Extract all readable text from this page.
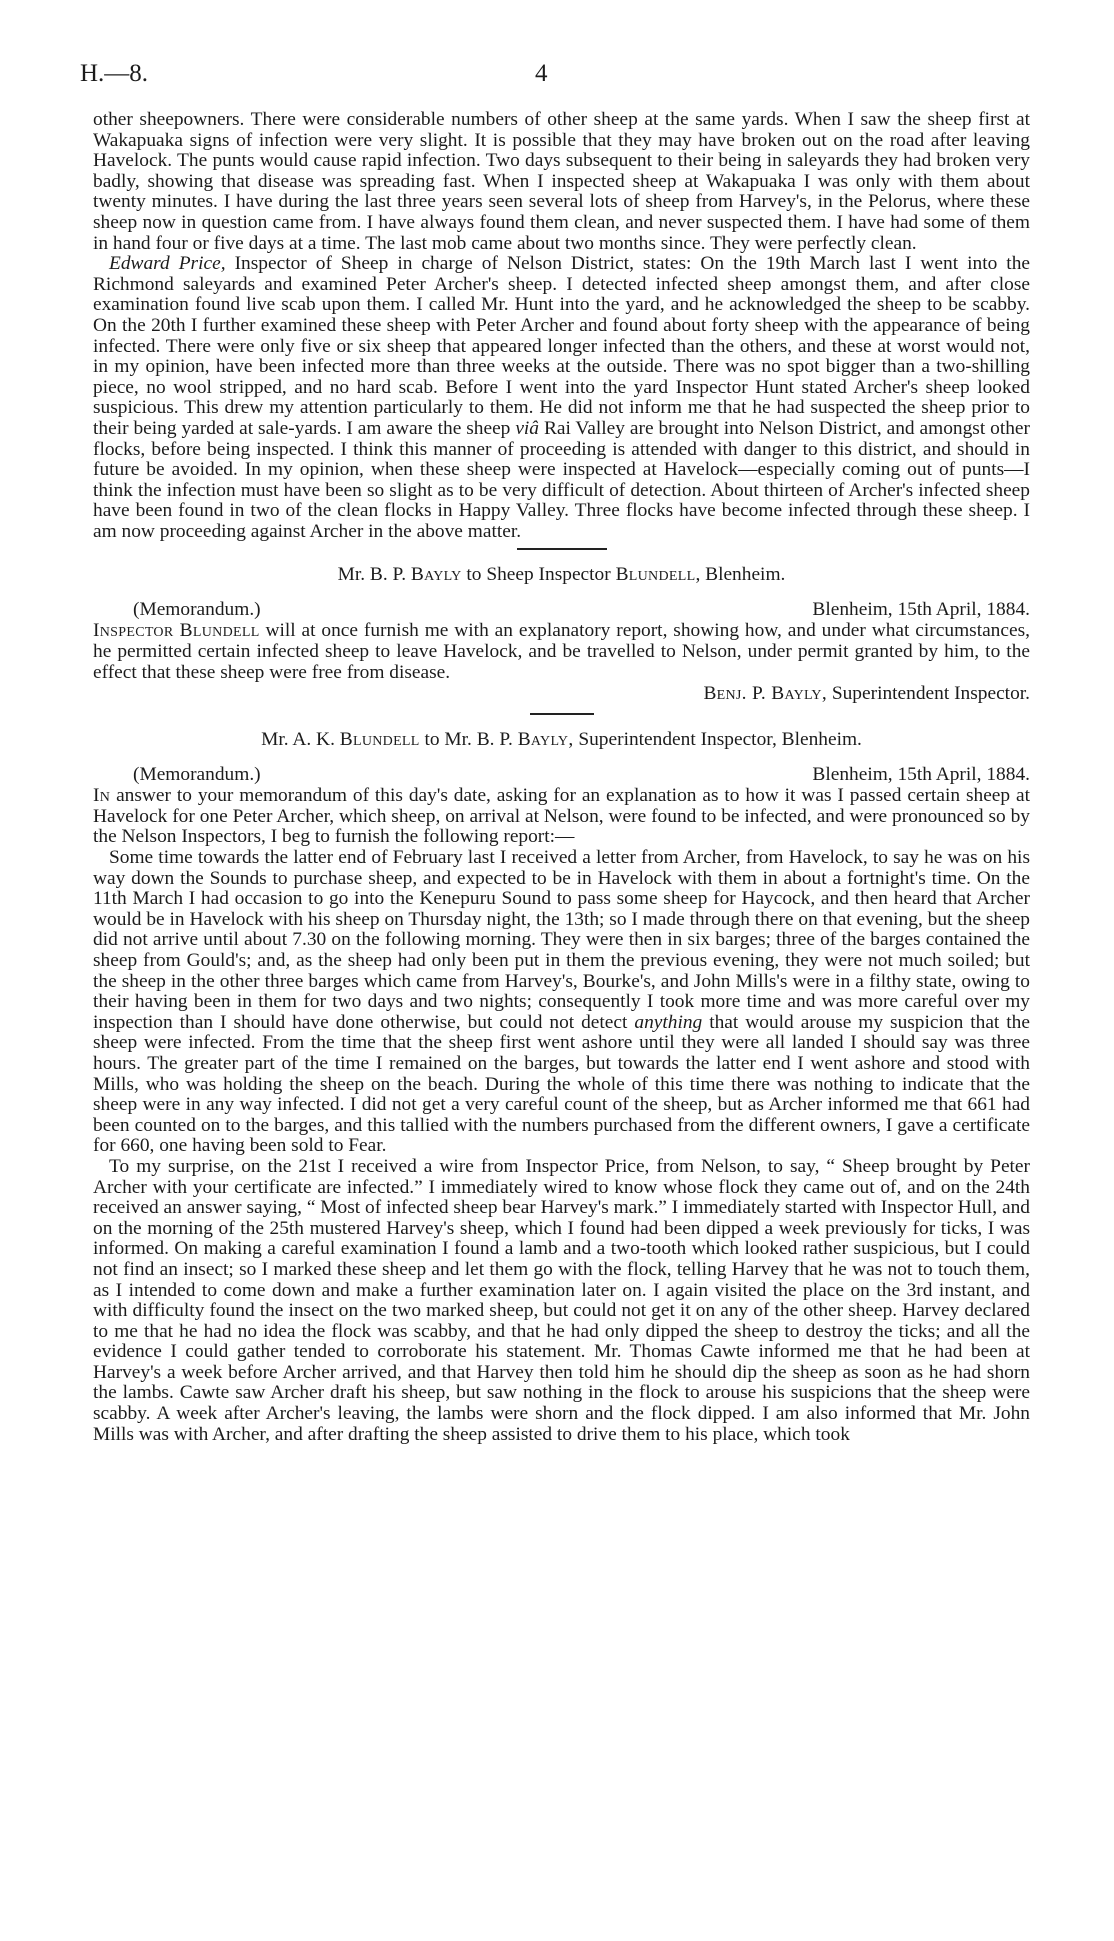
H.—8.	4

other sheepowners. There were considerable numbers of other sheep at the same yards. When I saw the sheep first at Wakapuaka signs of infection were very slight. It is possible that they may have broken out on the road after leaving Havelock. The punts would cause rapid infection. Two days subsequent to their being in saleyards they had broken very badly, showing that disease was spreading fast. When I inspected sheep at Wakapuaka I was only with them about twenty minutes. I have during the last three years seen several lots of sheep from Harvey's, in the Pelorus, where these sheep now in question came from. I have always found them clean, and never suspected them. I have had some of them in hand four or five days at a time. The last mob came about two months since. They were perfectly clean.

Edward Price, Inspector of Sheep in charge of Nelson District, states: On the 19th March last I went into the Richmond saleyards and examined Peter Archer's sheep. I detected infected sheep amongst them, and after close examination found live scab upon them. I called Mr. Hunt into the yard, and he acknowledged the sheep to be scabby. On the 20th I further examined these sheep with Peter Archer and found about forty sheep with the appearance of being infected. There were only five or six sheep that appeared longer infected than the others, and these at worst would not, in my opinion, have been infected more than three weeks at the outside. There was no spot bigger than a two-shilling piece, no wool stripped, and no hard scab. Before I went into the yard Inspector Hunt stated Archer's sheep looked suspicious. This drew my attention particularly to them. He did not inform me that he had suspected the sheep prior to their being yarded at sale-yards. I am aware the sheep viâ Rai Valley are brought into Nelson District, and amongst other flocks, before being inspected. I think this manner of proceeding is attended with danger to this district, and should in future be avoided. In my opinion, when these sheep were inspected at Havelock—especially coming out of punts—I think the infection must have been so slight as to be very difficult of detection. About thirteen of Archer's infected sheep have been found in two of the clean flocks in Happy Valley. Three flocks have become infected through these sheep. I am now proceeding against Archer in the above matter.

Mr. B. P. Bayly to Sheep Inspector Blundell, Blenheim.
(Memorandum.)	Blenheim, 15th April, 1884.

Inspector Blundell will at once furnish me with an explanatory report, showing how, and under what circumstances, he permitted certain infected sheep to leave Havelock, and be travelled to Nelson, under permit granted by him, to the effect that these sheep were free from disease.

Benj. P. Bayly, Superintendent Inspector.

Mr. A. K. Blundell to Mr. B. P. Bayly, Superintendent Inspector, Blenheim.
(Memorandum.)	Blenheim, 15th April, 1884.

In answer to your memorandum of this day's date, asking for an explanation as to how it was I passed certain sheep at Havelock for one Peter Archer, which sheep, on arrival at Nelson, were found to be infected, and were pronounced so by the Nelson Inspectors, I beg to furnish the following report:—

Some time towards the latter end of February last I received a letter from Archer, from Havelock, to say he was on his way down the Sounds to purchase sheep, and expected to be in Havelock with them in about a fortnight's time. On the 11th March I had occasion to go into the Kenepuru Sound to pass some sheep for Haycock, and then heard that Archer would be in Havelock with his sheep on Thursday night, the 13th; so I made through there on that evening, but the sheep did not arrive until about 7.30 on the following morning. They were then in six barges; three of the barges contained the sheep from Gould's; and, as the sheep had only been put in them the previous evening, they were not much soiled; but the sheep in the other three barges which came from Harvey's, Bourke's, and John Mills's were in a filthy state, owing to their having been in them for two days and two nights; consequently I took more time and was more careful over my inspection than I should have done otherwise, but could not detect anything that would arouse my suspicion that the sheep were infected. From the time that the sheep first went ashore until they were all landed I should say was three hours. The greater part of the time I remained on the barges, but towards the latter end I went ashore and stood with Mills, who was holding the sheep on the beach. During the whole of this time there was nothing to indicate that the sheep were in any way infected. I did not get a very careful count of the sheep, but as Archer informed me that 661 had been counted on to the barges, and this tallied with the numbers purchased from the different owners, I gave a certificate for 660, one having been sold to Fear.

To my surprise, on the 21st I received a wire from Inspector Price, from Nelson, to say, “ Sheep brought by Peter Archer with your certificate are infected.” I immediately wired to know whose flock they came out of, and on the 24th received an answer saying, “ Most of infected sheep bear Harvey's mark.” I immediately started with Inspector Hull, and on the morning of the 25th mustered Harvey's sheep, which I found had been dipped a week previously for ticks, I was informed. On making a careful examination I found a lamb and a two-tooth which looked rather suspicious, but I could not find an insect; so I marked these sheep and let them go with the flock, telling Harvey that he was not to touch them, as I intended to come down and make a further examination later on. I again visited the place on the 3rd instant, and with difficulty found the insect on the two marked sheep, but could not get it on any of the other sheep. Harvey declared to me that he had no idea the flock was scabby, and that he had only dipped the sheep to destroy the ticks; and all the evidence I could gather tended to corroborate his statement. Mr. Thomas Cawte informed me that he had been at Harvey's a week before Archer arrived, and that Harvey then told him he should dip the sheep as soon as he had shorn the lambs. Cawte saw Archer draft his sheep, but saw nothing in the flock to arouse his suspicions that the sheep were scabby. A week after Archer's leaving, the lambs were shorn and the flock dipped. I am also informed that Mr. John Mills was with Archer, and after drafting the sheep assisted to drive them to his place, which took
